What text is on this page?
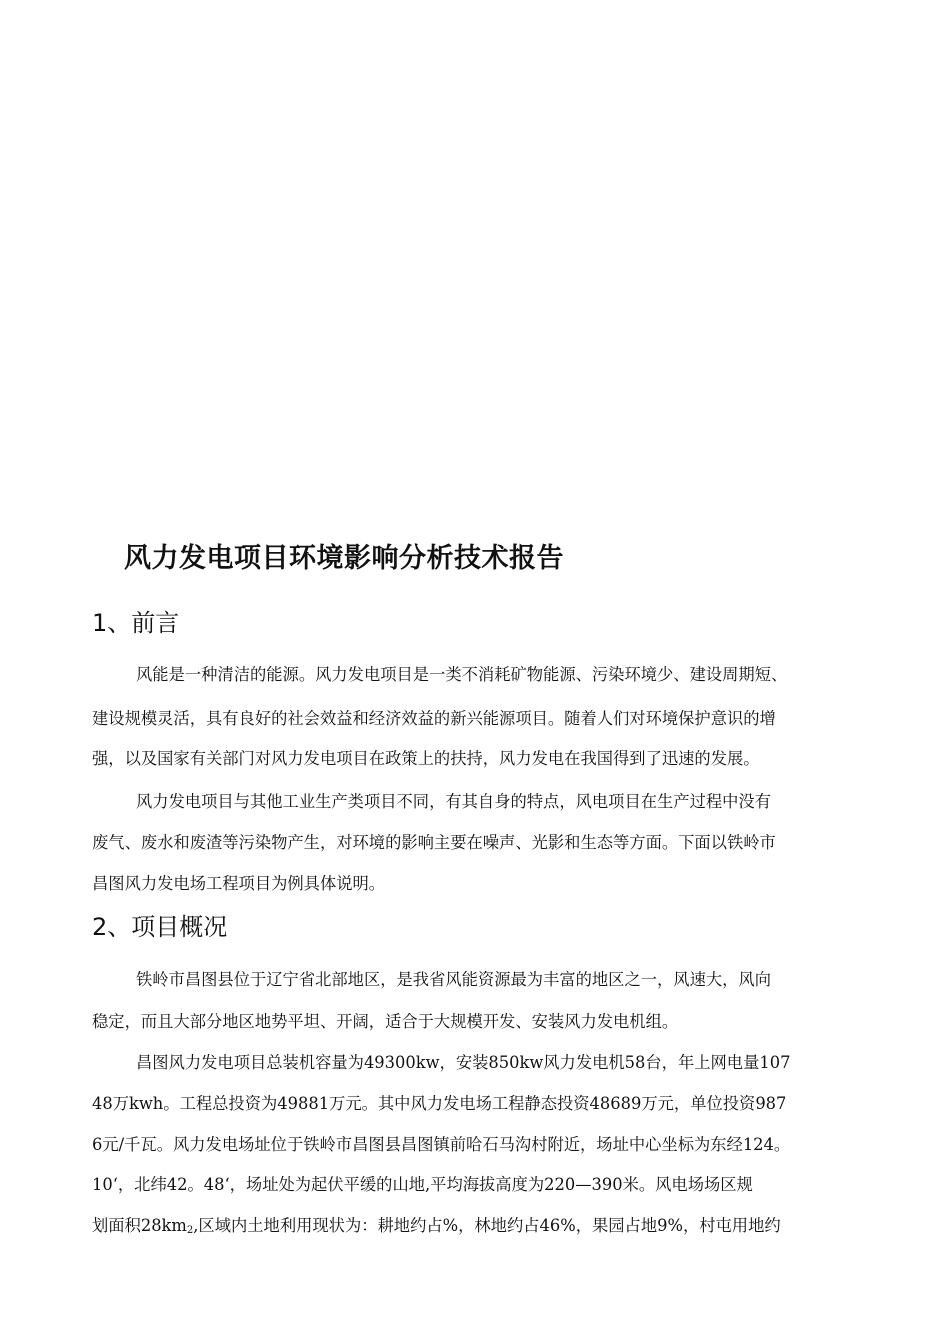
风力发电项目环境影响分析技术报告
1、前言

风能是一种清洁的能源。风力发电项目是一类不消耗矿物能源、污染环境少、建设周期短、

建设规模灵活，具有良好的社会效益和经济效益的新兴能源项目。随着人们对环境保护意识的增

强，以及国家有关部门对风力发电项目在政策上的扶持，风力发电在我国得到了迅速的发展。

风力发电项目与其他工业生产类项目不同，有其自身的特点，风电项目在生产过程中没有

废气、废水和废渣等污染物产生，对环境的影响主要在噪声、光影和生态等方面。下面以铁岭市

昌图风力发电场工程项目为例具体说明。

2、项目概况

铁岭市昌图县位于辽宁省北部地区，是我省风能资源最为丰富的地区之一，风速大，风向

稳定，而且大部分地区地势平坦、开阔，适合于大规模开发、安装风力发电机组。

昌图风力发电项目总装机容量为49300kw，安装850kw风力发电机58台，年上网电量107

48万kwh。工程总投资为49881万元。其中风力发电场工程静态投资48689万元，单位投资987

6元/千瓦。风力发电场址位于铁岭市昌图县昌图镇前哈石马沟村附近，场址中心坐标为东经124。

10‘，北纬42。48‘，场址处为起伏平缓的山地,平均海拔高度为220—390米。风电场场区规

划面积$28km_2$,区域内土地利用现状为：耕地约占%，林地约占46%，果园占地9%，村屯用地约
